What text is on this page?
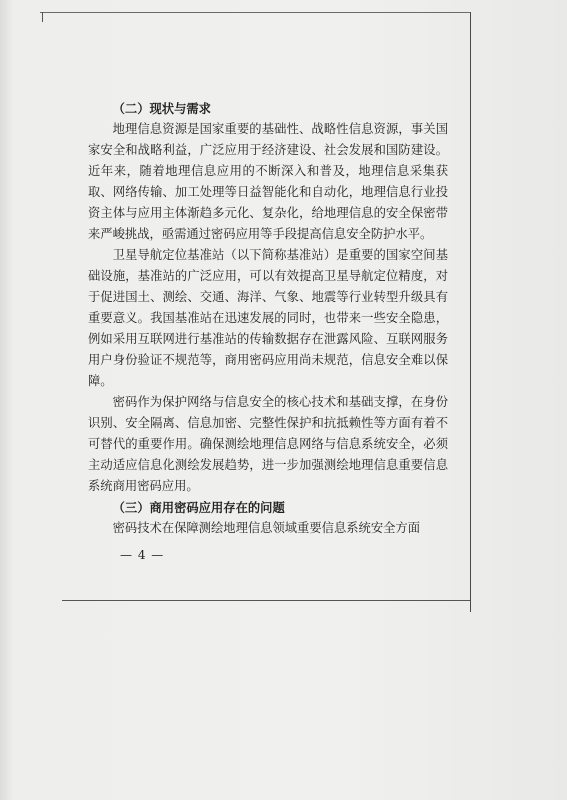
（二）现状与需求

地理信息资源是国家重要的基础性、战略性信息资源，事关国家安全和战略利益，广泛应用于经济建设、社会发展和国防建设。近年来，随着地理信息应用的不断深入和普及，地理信息采集获取、网络传输、加工处理等日益智能化和自动化，地理信息行业投资主体与应用主体渐趋多元化、复杂化，给地理信息的安全保密带来严峻挑战，亟需通过密码应用等手段提高信息安全防护水平。

卫星导航定位基准站（以下简称基准站）是重要的国家空间基础设施，基准站的广泛应用，可以有效提高卫星导航定位精度，对于促进国土、测绘、交通、海洋、气象、地震等行业转型升级具有重要意义。我国基准站在迅速发展的同时，也带来一些安全隐患，例如采用互联网进行基准站的传输数据存在泄露风险、互联网服务用户身份验证不规范等，商用密码应用尚未规范，信息安全难以保障。

密码作为保护网络与信息安全的核心技术和基础支撑，在身份识别、安全隔离、信息加密、完整性保护和抗抵赖性等方面有着不可替代的重要作用。确保测绘地理信息网络与信息系统安全，必须主动适应信息化测绘发展趋势，进一步加强测绘地理信息重要信息系统商用密码应用。

（三）商用密码应用存在的问题

密码技术在保障测绘地理信息领域重要信息系统安全方面

— 4 —
